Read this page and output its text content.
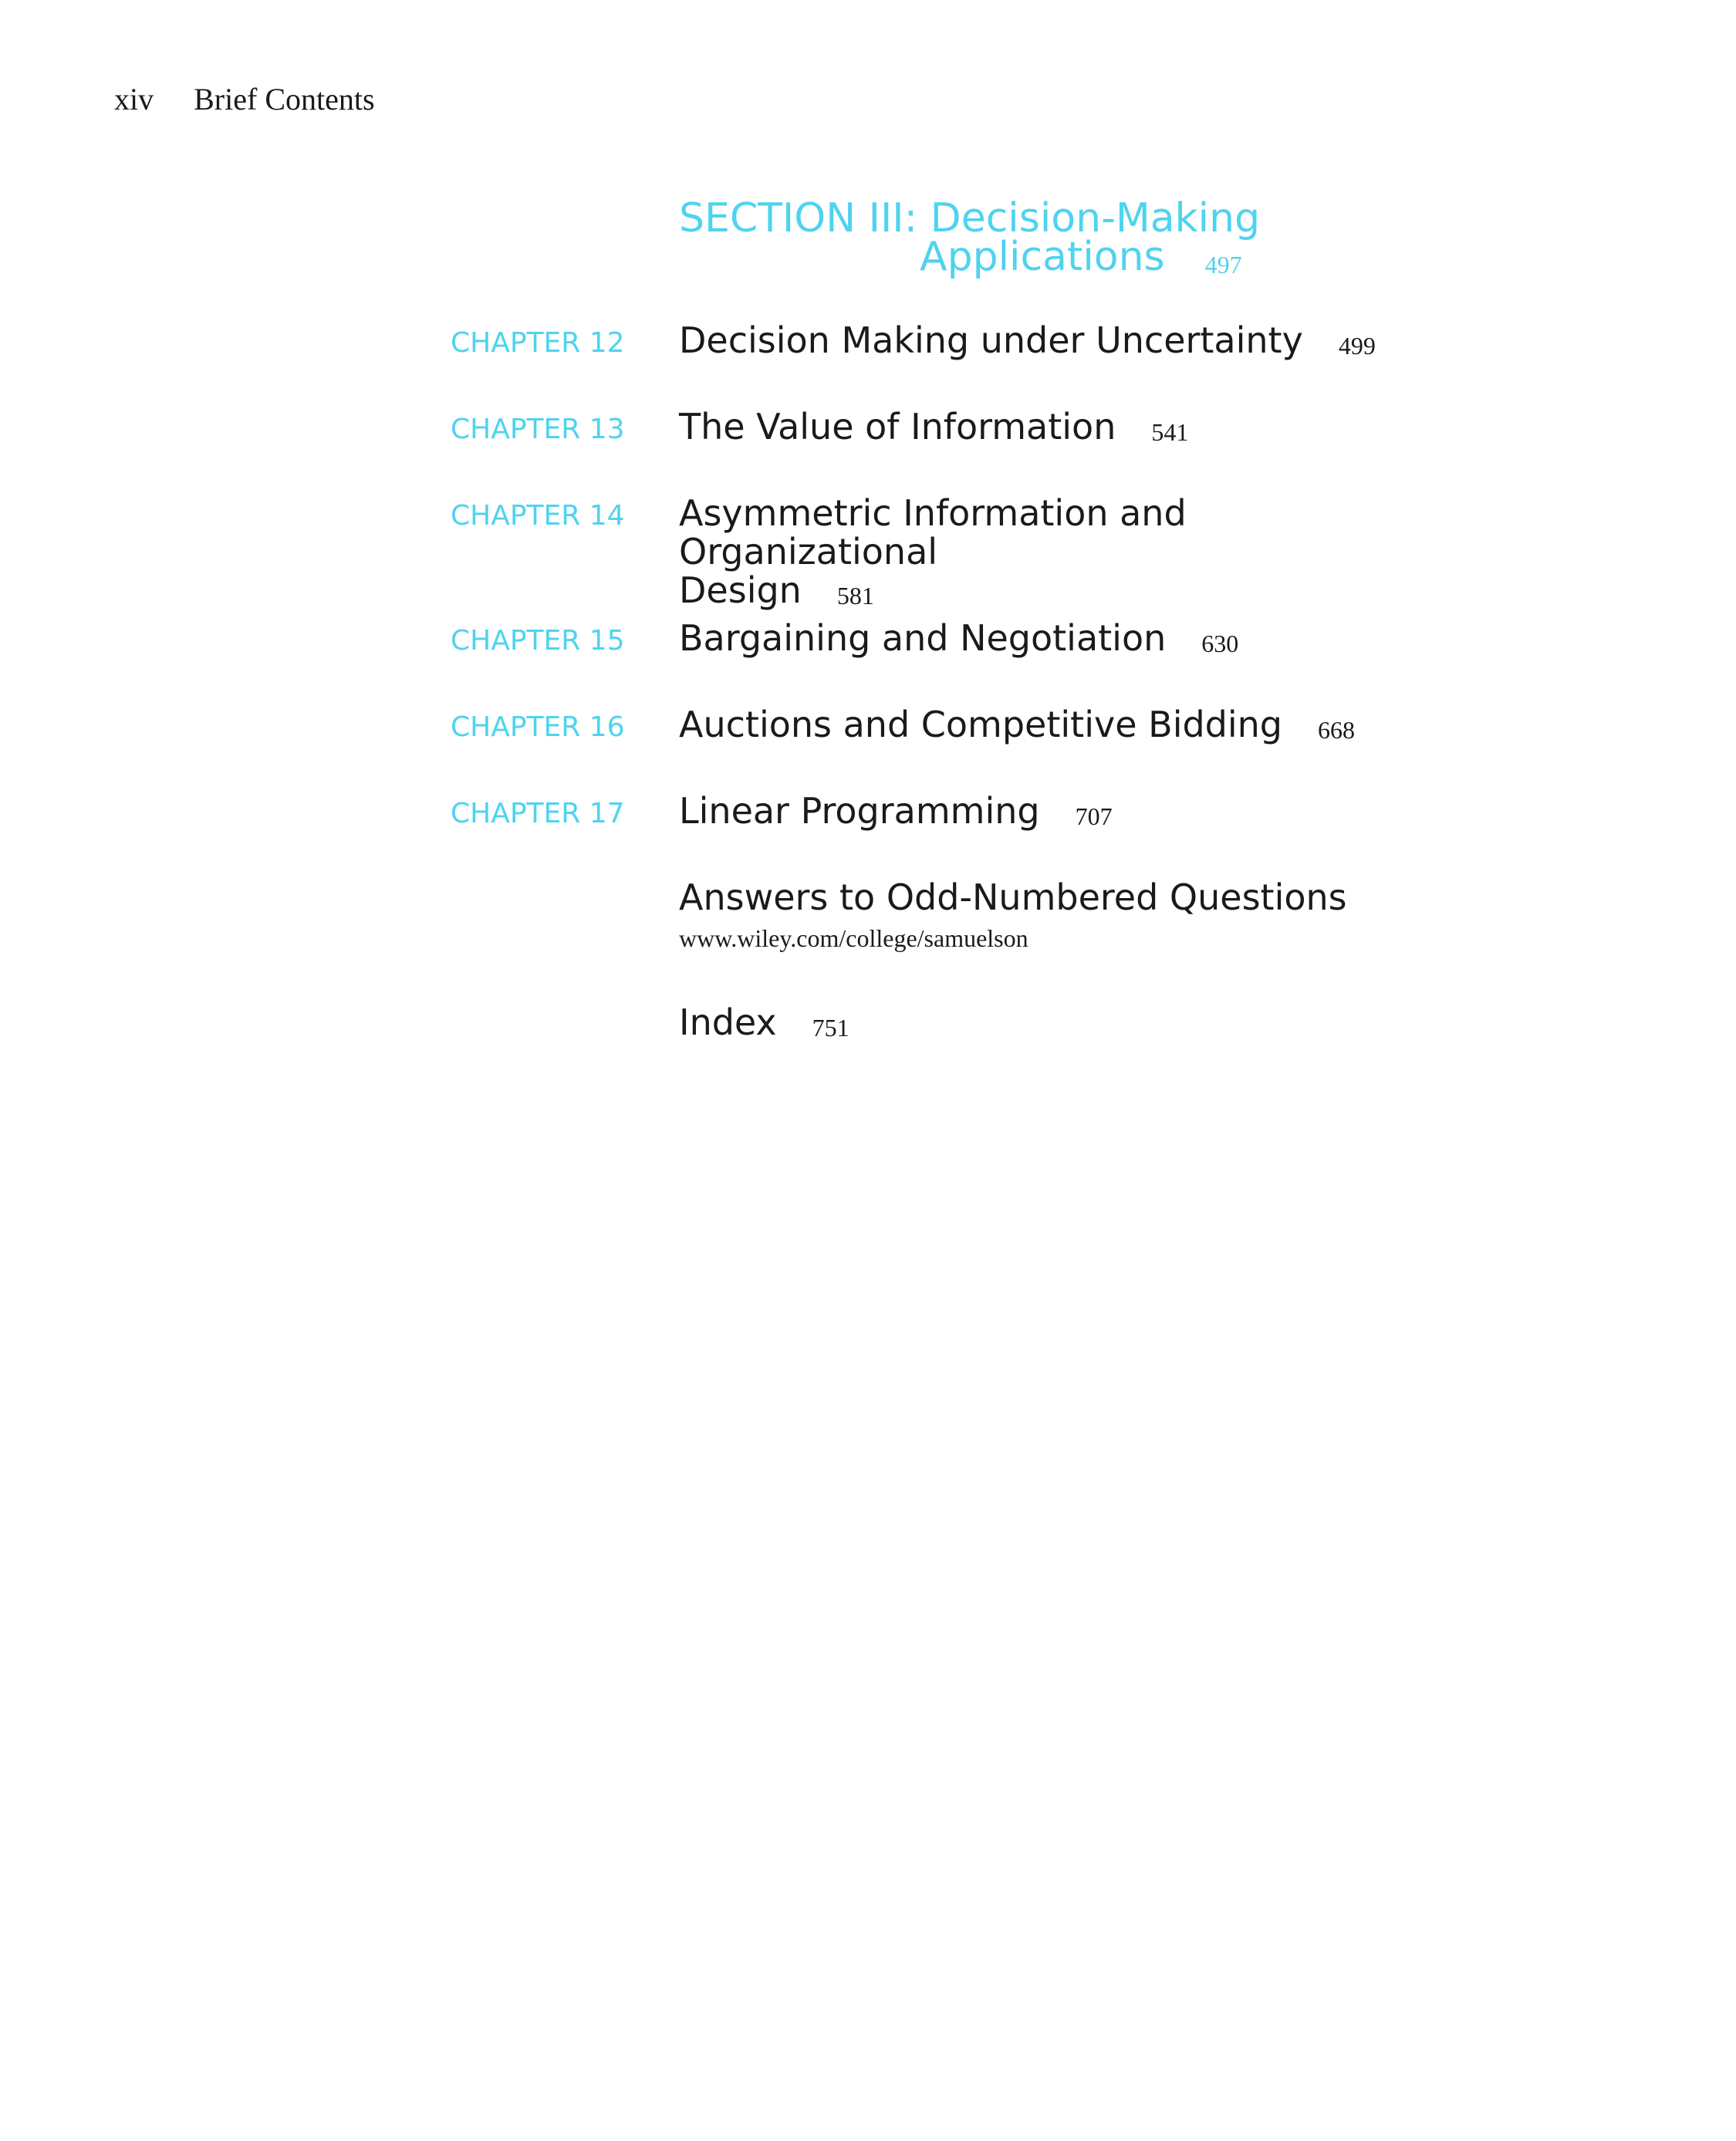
xiv Brief Contents
SECTION III: Decision-Making
Applications 497
CHAPTER 12 Decision Making under Uncertainty 499
CHAPTER 13 The Value of Information 541
CHAPTER 14 Asymmetric Information and Organizational
Design 581
CHAPTER 15 Bargaining and Negotiation 630
CHAPTER 16 Auctions and Competitive Bidding 668
CHAPTER 17 Linear Programming 707
Answers to Odd-Numbered Questions
www.wiley.com/college/samuelson
Index 751
